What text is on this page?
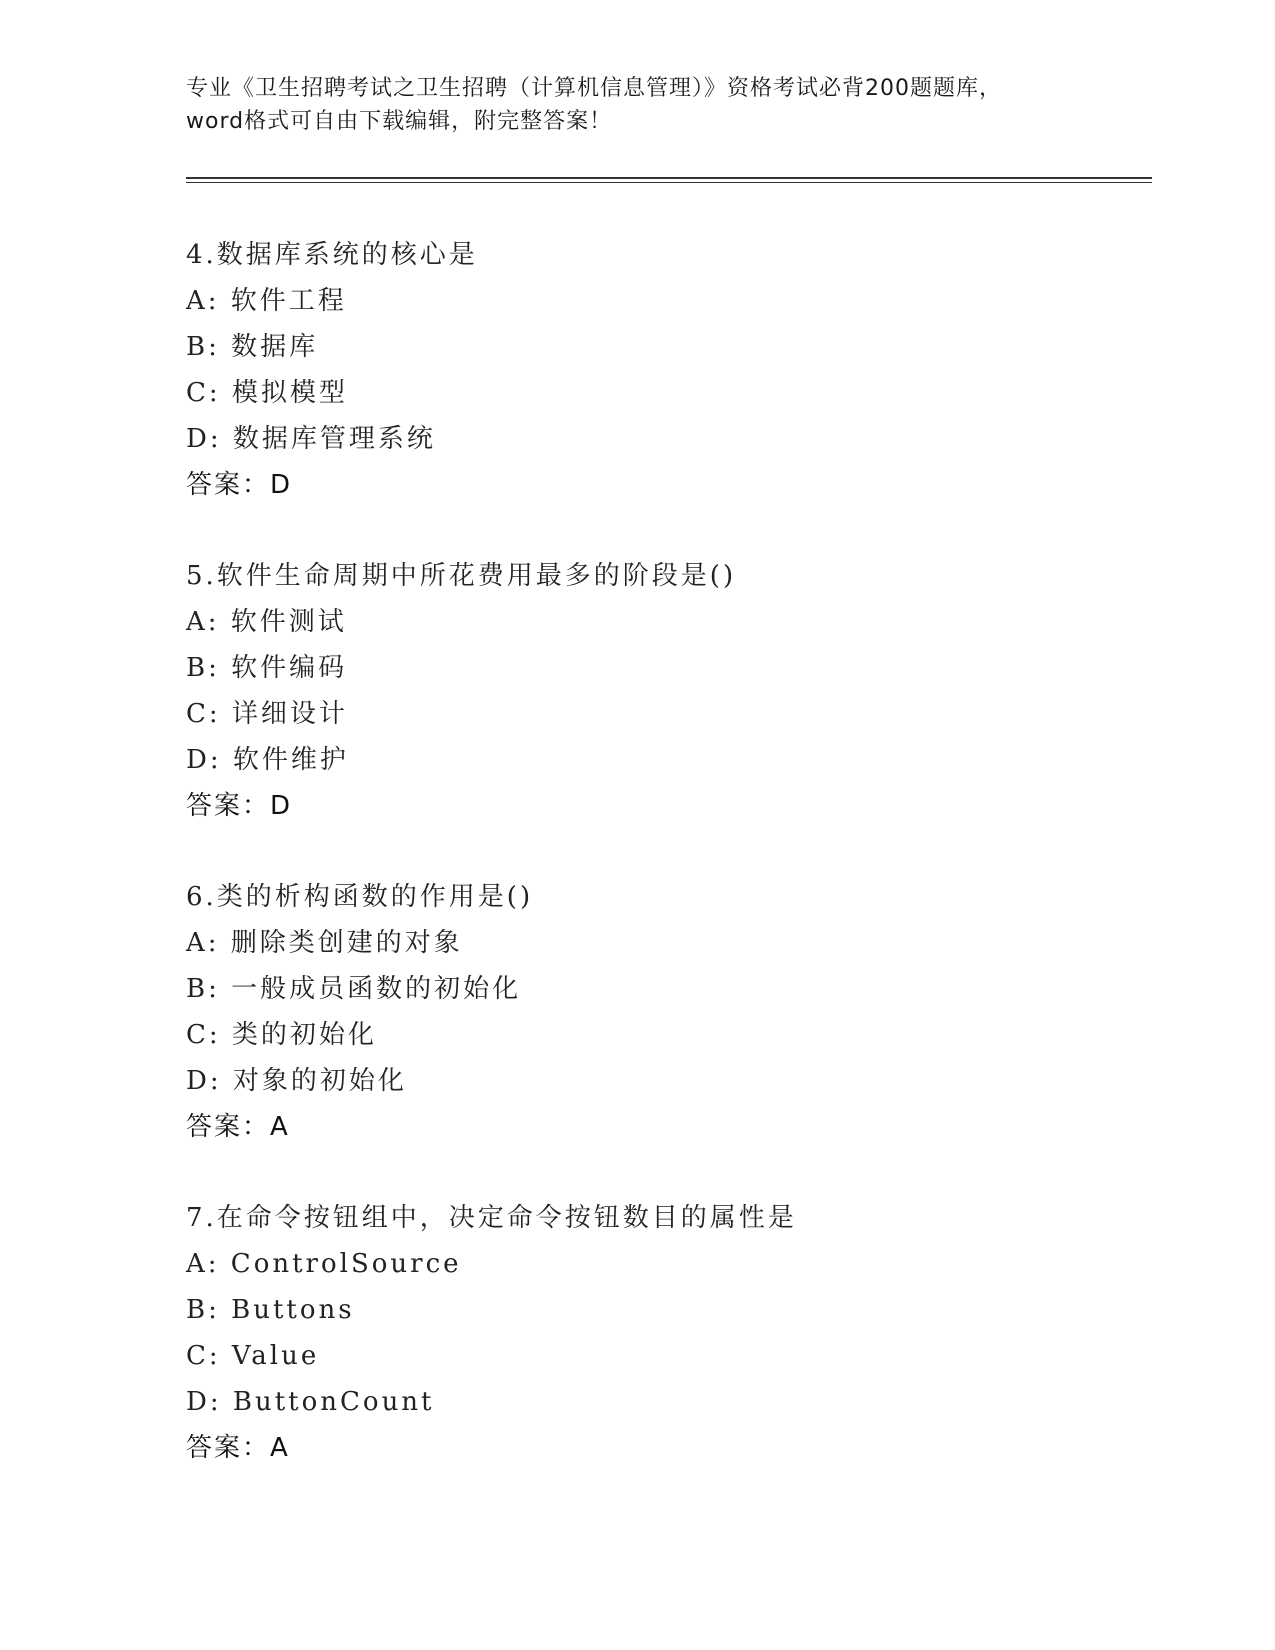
专业《卫生招聘考试之卫生招聘（计算机信息管理）》资格考试必背200题题库，
word格式可自由下载编辑，附完整答案！
4.数据库系统的核心是
A: 软件工程
B: 数据库
C: 模拟模型
D: 数据库管理系统
答案：D
5.软件生命周期中所花费用最多的阶段是()
A: 软件测试
B: 软件编码
C: 详细设计
D: 软件维护
答案：D
6.类的析构函数的作用是()
A: 删除类创建的对象
B: 一般成员函数的初始化
C: 类的初始化
D: 对象的初始化
答案：A
7.在命令按钮组中，决定命令按钮数目的属性是
A: ControlSource
B: Buttons
C: Value
D: ButtonCount
答案：A
